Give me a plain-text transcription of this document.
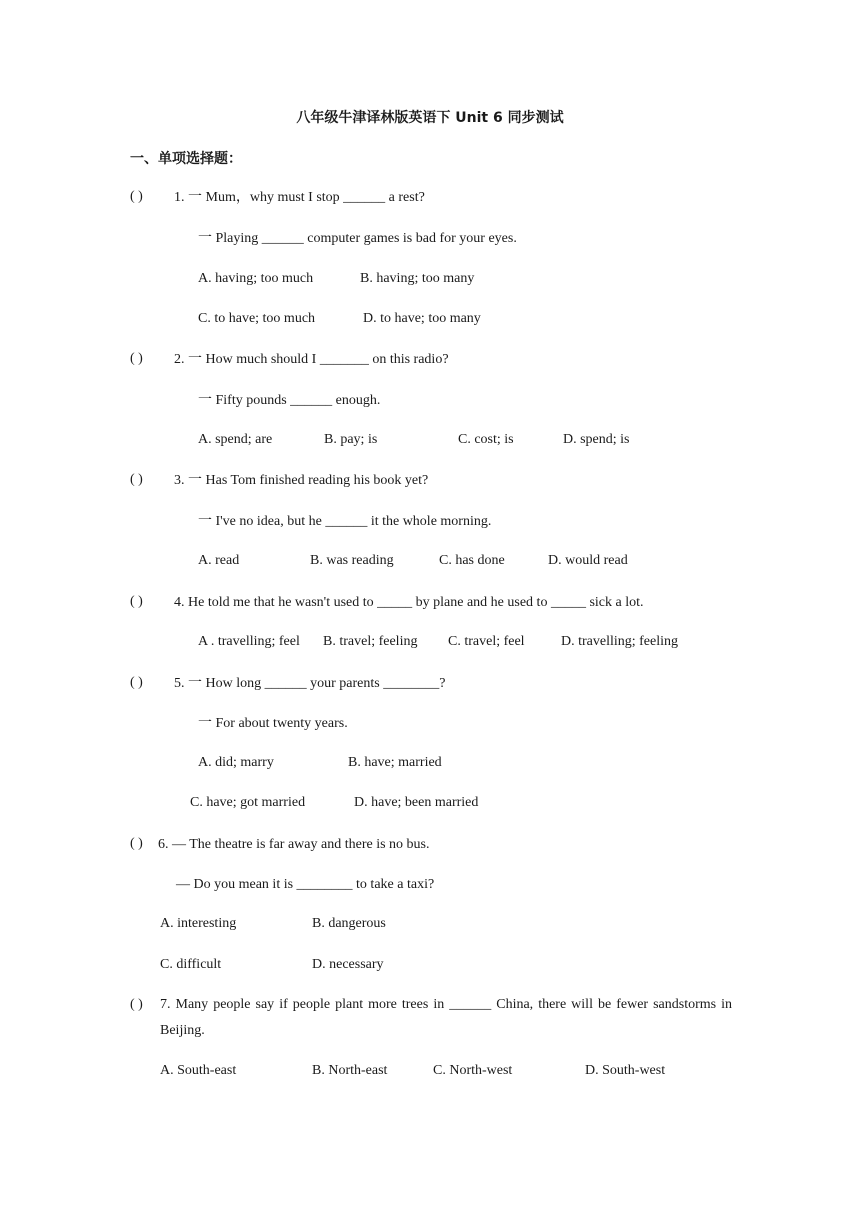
八年级牛津译林版英语下 Unit 6 同步测试
一、单项选择题：
( ) 1. 一 Mum，why must I stop ______ a rest?
一 Playing ______ computer games is bad for your eyes.
A. having; too much	B. having; too many
C. to have; too much	D. to have; too many
( ) 2. 一 How much should I _______ on this radio?
一 Fifty pounds ______ enough.
A. spend; are	B. pay; is	C. cost; is	D. spend; is
( ) 3. 一 Has Tom finished reading his book yet?
一 I've no idea, but he ______ it the whole morning.
A. read	B. was reading	C. has done	D. would read
( ) 4. He told me that he wasn't used to _____ by plane and he used to _____ sick a lot.
A . travelling; feel B. travel; feeling C. travel; feel	D. travelling; feeling
( ) 5. 一 How long ______ your parents ________?
一 For about twenty years.
A. did; marry	B. have; married
C. have; got married	D. have; been married
( ) 6. — The theatre is far away and there is no bus.
— Do you mean it is ________ to take a taxi?
A. interesting	B. dangerous
C. difficult	D. necessary
( ) 7. Many people say if people plant more trees in ______ China, there will be fewer sandstorms in Beijing.
A. South-east	B. North-east	C. North-west	D. South-west
